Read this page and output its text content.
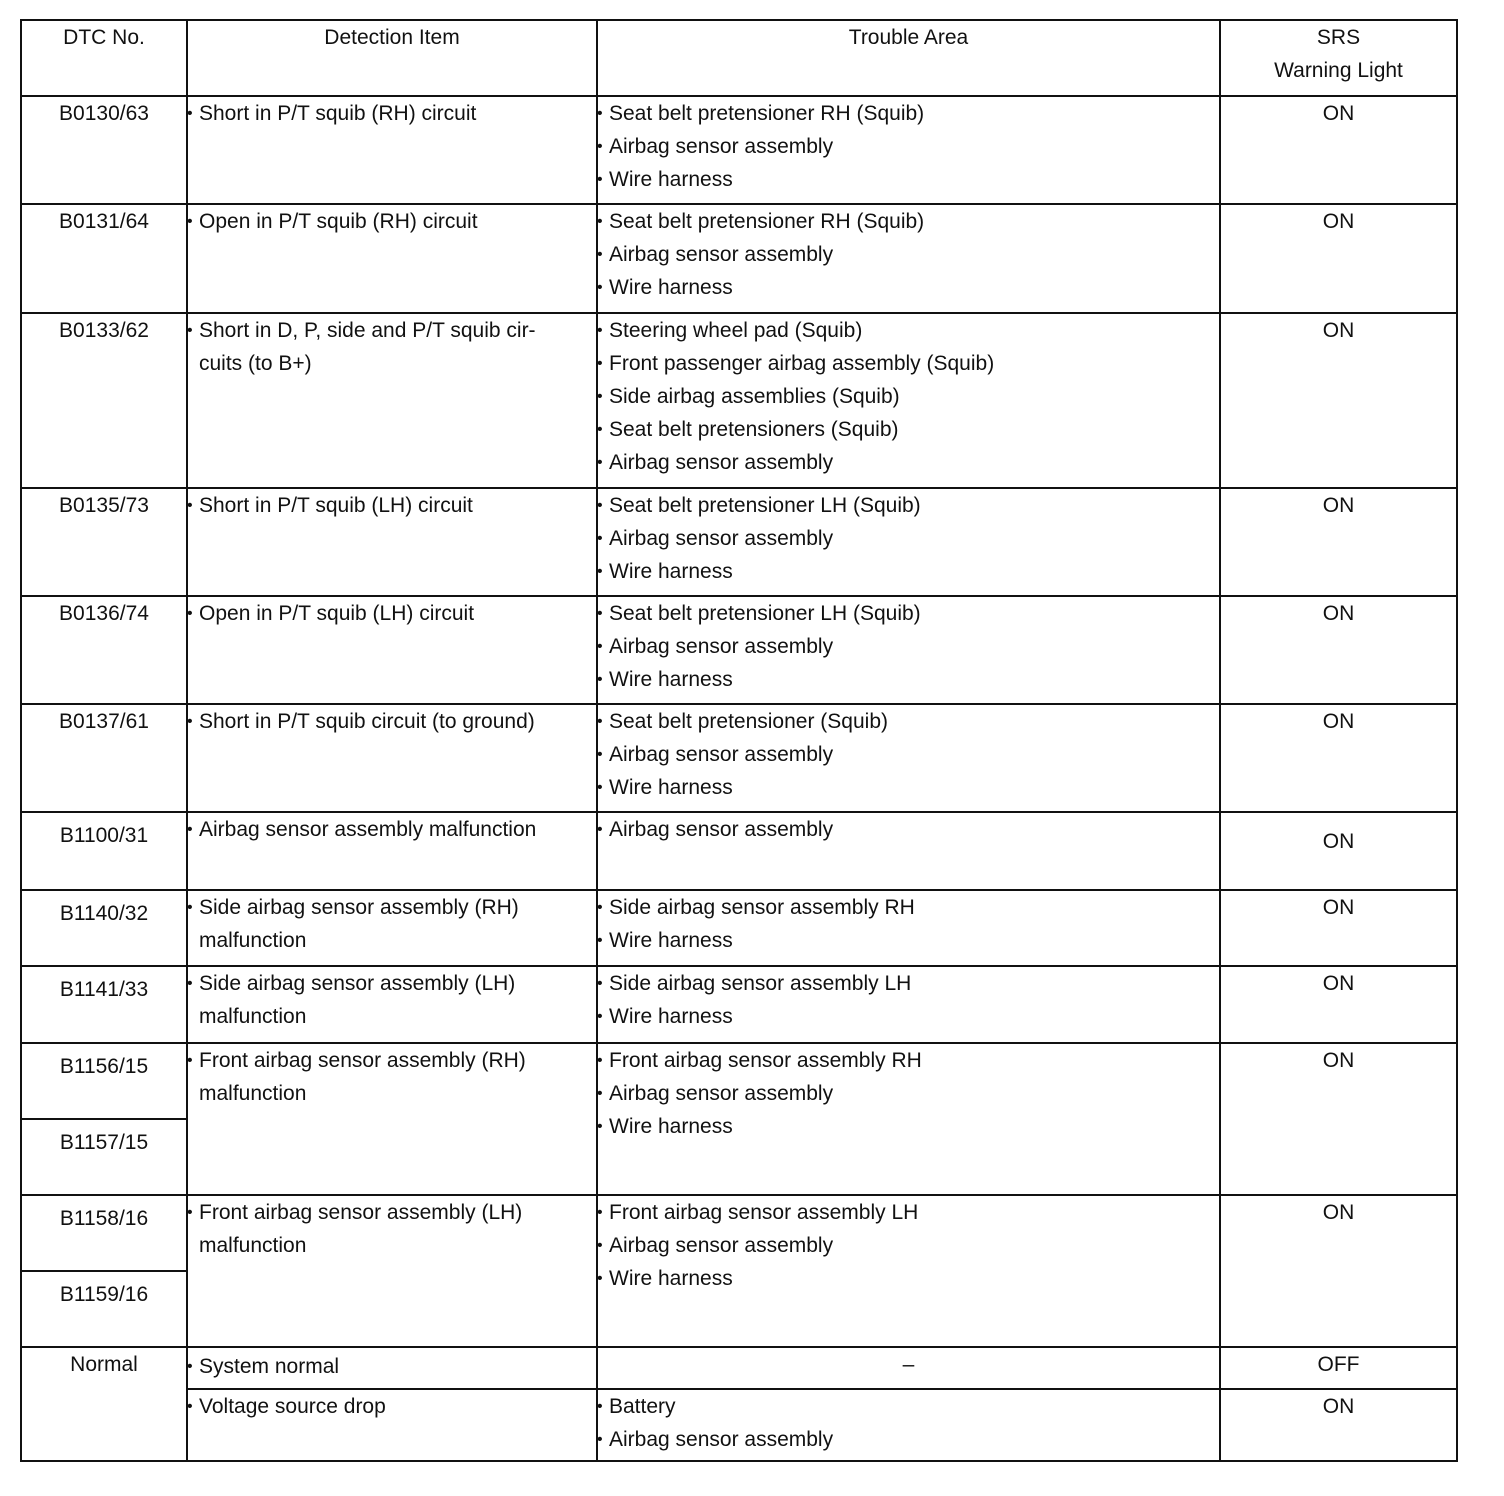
DTC No.	Detection Item	Trouble Area	SRS
Warning Light

B0130/63	• Short in P/T squib (RH) circuit	• Seat belt pretensioner RH (Squib)
• Airbag sensor assembly
• Wire harness	ON
B0131/64	• Open in P/T squib (RH) circuit	• Seat belt pretensioner RH (Squib)
• Airbag sensor assembly
• Wire harness	ON
B0133/62	• Short in D, P, side and P/T squib cir-cuits (to B+)	• Steering wheel pad (Squib)
• Front passenger airbag assembly (Squib)
• Side airbag assemblies (Squib)
• Seat belt pretensioners (Squib)
• Airbag sensor assembly	ON
B0135/73	• Short in P/T squib (LH) circuit	• Seat belt pretensioner LH (Squib)
• Airbag sensor assembly
• Wire harness	ON
B0136/74	• Open in P/T squib (LH) circuit	• Seat belt pretensioner LH (Squib)
• Airbag sensor assembly
• Wire harness	ON
B0137/61	• Short in P/T squib circuit (to ground)	• Seat belt pretensioner (Squib)
• Airbag sensor assembly
• Wire harness	ON
B1100/31	• Airbag sensor assembly malfunction	• Airbag sensor assembly	ON
B1140/32	• Side airbag sensor assembly (RH) malfunction	• Side airbag sensor assembly RH
• Wire harness	ON
B1141/33	• Side airbag sensor assembly (LH) malfunction	• Side airbag sensor assembly LH
• Wire harness	ON
B1156/15	• Front airbag sensor assembly (RH) malfunction	• Front airbag sensor assembly RH
• Airbag sensor assembly
• Wire harness	ON
B1157/15			
B1158/16	• Front airbag sensor assembly (LH) malfunction	• Front airbag sensor assembly LH
• Airbag sensor assembly
• Wire harness	ON
B1159/16			
Normal	• System normal	–	OFF

	• Voltage source drop	• Battery
• Airbag sensor assembly	ON
